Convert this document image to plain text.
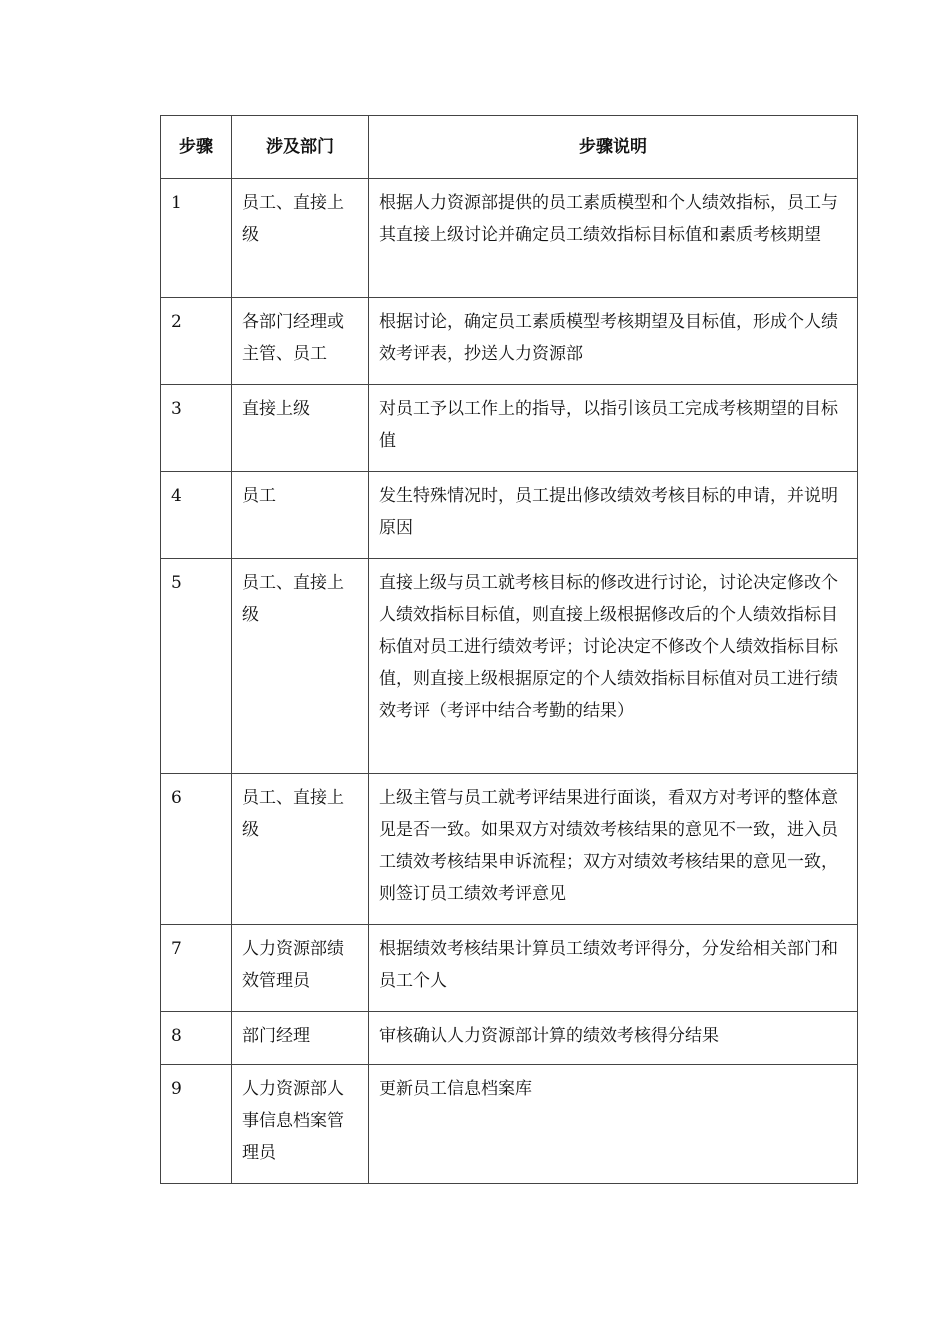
步骤	涉及部门	步骤说明
1	员工、直接上级	根据人力资源部提供的员工素质模型和个人绩效指标，员工与其直接上级讨论并确定员工绩效指标目标值和素质考核期望
2	各部门经理或主管、员工	根据讨论，确定员工素质模型考核期望及目标值，形成个人绩效考评表，抄送人力资源部
3	直接上级	对员工予以工作上的指导，以指引该员工完成考核期望的目标值
4	员工	发生特殊情况时，员工提出修改绩效考核目标的申请，并说明原因
5	员工、直接上级	直接上级与员工就考核目标的修改进行讨论，讨论决定修改个人绩效指标目标值，则直接上级根据修改后的个人绩效指标目标值对员工进行绩效考评；讨论决定不修改个人绩效指标目标值，则直接上级根据原定的个人绩效指标目标值对员工进行绩效考评（考评中结合考勤的结果）
6	员工、直接上级	上级主管与员工就考评结果进行面谈，看双方对考评的整体意见是否一致。如果双方对绩效考核结果的意见不一致，进入员工绩效考核结果申诉流程；双方对绩效考核结果的意见一致，则签订员工绩效考评意见
7	人力资源部绩效管理员	根据绩效考核结果计算员工绩效考评得分，分发给相关部门和员工个人
8	部门经理	审核确认人力资源部计算的绩效考核得分结果
9	人力资源部人事信息档案管理员	更新员工信息档案库
